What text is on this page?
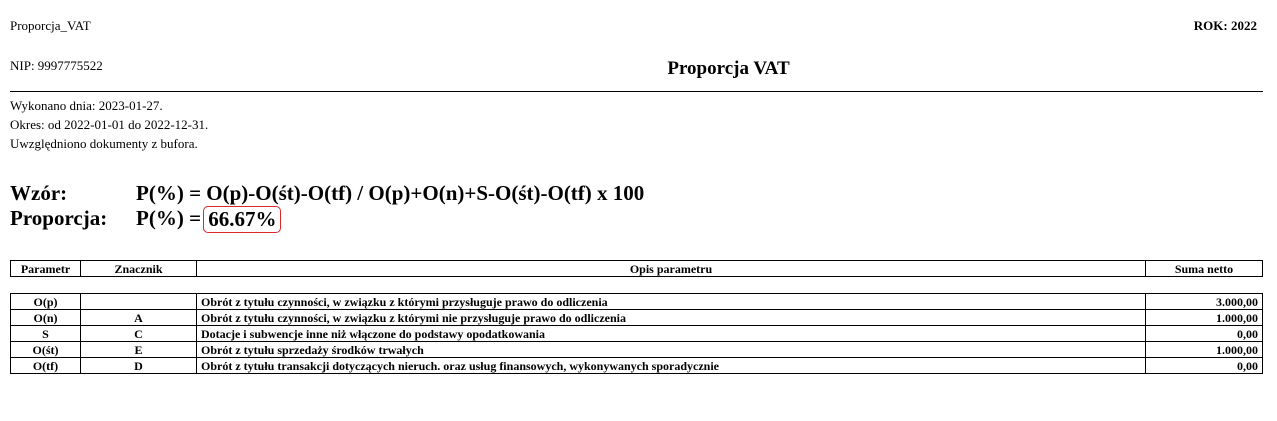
Proporcja_VAT	ROK: 2022
NIP: 9997775522	Proporcja VAT
Wykonano dnia: 2023-01-27.
Okres: od 2022-01-01 do 2022-12-31.
Uwzględniono dokumenty z bufora.
Wzór:	P(%) = O(p)-O(śt)-O(tf) / O(p)+O(n)+S-O(śt)-O(tf) x 100
Proporcja:	P(%) = 66.67%
Parametr	Znacznik	Opis parametru	Suma netto

O(p)		Obrót z tytułu czynności, w związku z którymi przysługuje prawo do odliczenia	3.000,00
O(n)	A	Obrót z tytułu czynności, w związku z którymi nie przysługuje prawo do odliczenia	1.000,00
S	C	Dotacje i subwencje inne niż włączone do podstawy opodatkowania	0,00
O(śt)	E	Obrót z tytułu sprzedaży środków trwałych	1.000,00
O(tf)	D	Obrót z tytułu transakcji dotyczących nieruch. oraz usług finansowych, wykonywanych sporadycznie	0,00
